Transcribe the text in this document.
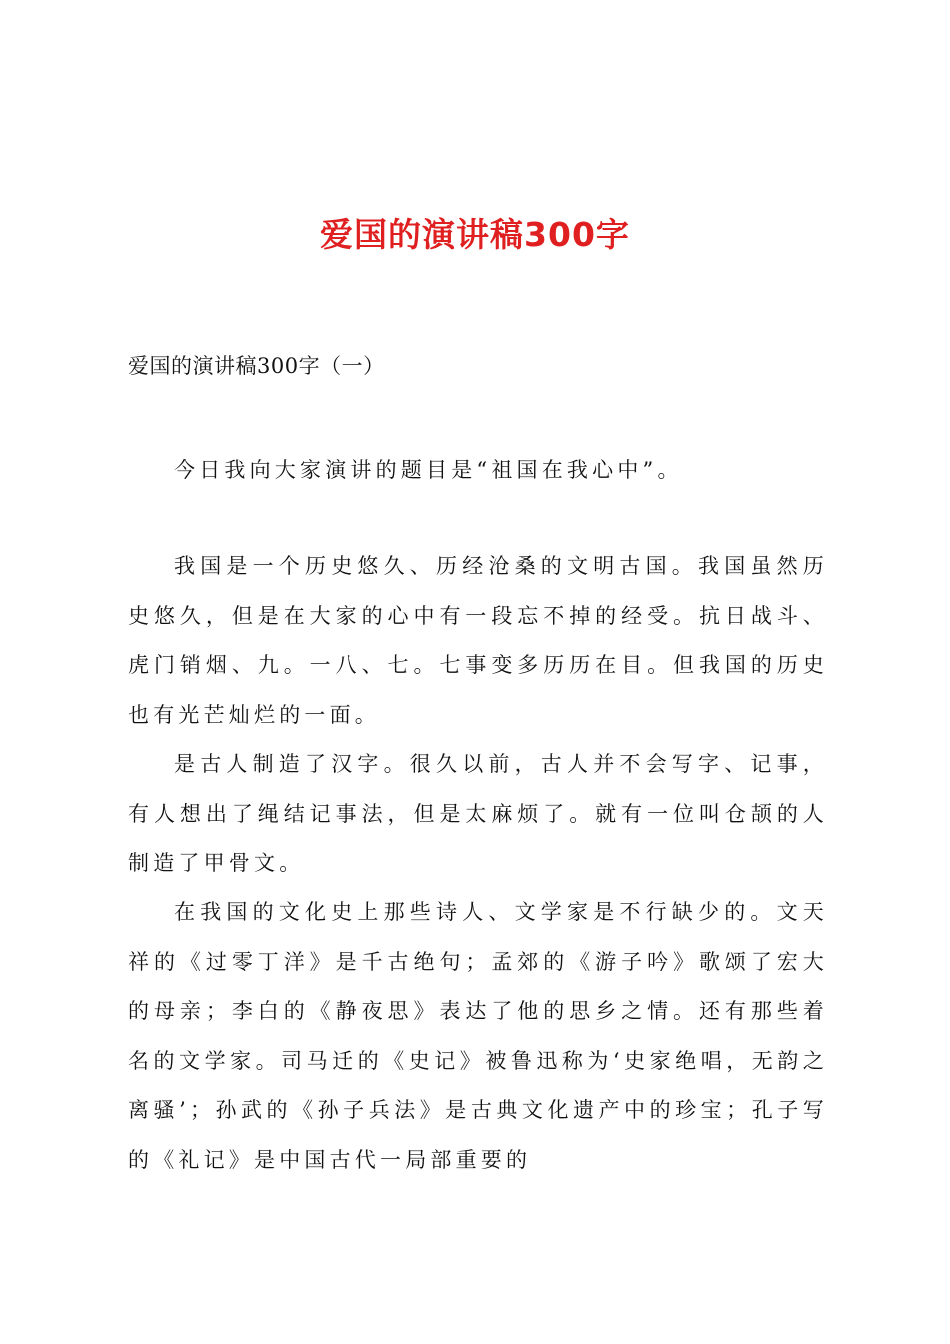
爱国的演讲稿300字
爱国的演讲稿300字（一）

今日我向大家演讲的题目是“祖国在我心中”。

我国是一个历史悠久、历经沧桑的文明古国。我国虽然历史悠久，但是在大家的心中有一段忘不掉的经受。抗日战斗、虎门销烟、九。一八、七。七事变多历历在目。但我国的历史也有光芒灿烂的一面。

是古人制造了汉字。很久以前，古人并不会写字、记事，有人想出了绳结记事法，但是太麻烦了。就有一位叫仓颉的人制造了甲骨文。

在我国的文化史上那些诗人、文学家是不行缺少的。文天祥的《过零丁洋》是千古绝句；孟郊的《游子吟》歌颂了宏大的母亲；李白的《静夜思》表达了他的思乡之情。还有那些着名的文学家。司马迁的《史记》被鲁迅称为‘史家绝唱，无韵之离骚’；孙武的《孙子兵法》是古典文化遗产中的珍宝；孔子写的《礼记》是中国古代一局部重要的
